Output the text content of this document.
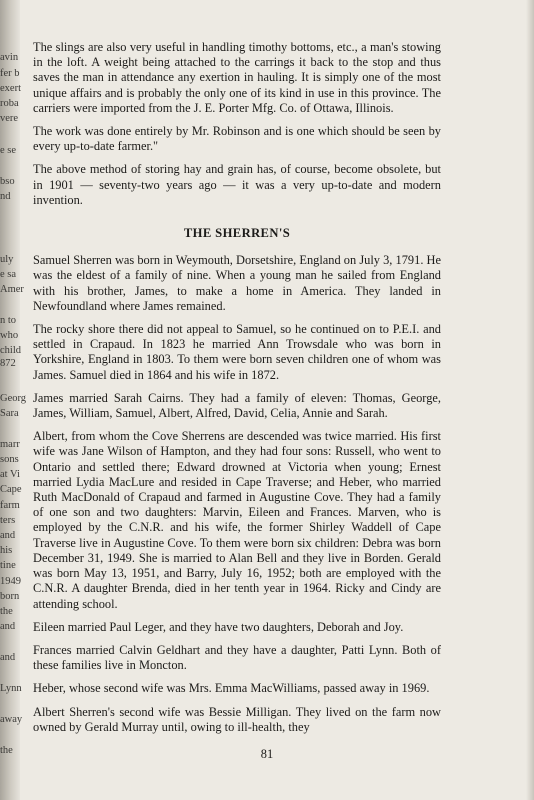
avin
fer b
exert
roba
vere
e se
bso
nd
uly
e sa
Amer
n to
who
child
872
Georg
Sara
marr
sons
at Vi
Cape
farm
ters
and
his
tine
1949
born
the
and
and
Lynn
away
the

The slings are also very useful in handling timothy bottoms, etc., a man's stowing in the loft. A weight being attached to the carrings it back to the stop and thus saves the man in attendance any exertion in hauling. It is simply one of the most unique affairs and is probably the only one of its kind in use in this province. The carriers were imported from the J. E. Porter Mfg. Co. of Ottawa, Illinois.

The work was done entirely by Mr. Robinson and is one which should be seen by every up-to-date farmer."

The above method of storing hay and grain has, of course, become obsolete, but in 1901 — seventy-two years ago — it was a very up-to-date and modern invention.

THE SHERREN'S

Samuel Sherren was born in Weymouth, Dorsetshire, England on July 3, 1791. He was the eldest of a family of nine. When a young man he sailed from England with his brother, James, to make a home in America. They landed in Newfoundland where James remained.

The rocky shore there did not appeal to Samuel, so he continued on to P.E.I. and settled in Crapaud. In 1823 he married Ann Trowsdale who was born in Yorkshire, England in 1803. To them were born seven children one of whom was James. Samuel died in 1864 and his wife in 1872.

James married Sarah Cairns. They had a family of eleven: Thomas, George, James, William, Samuel, Albert, Alfred, David, Celia, Annie and Sarah.

Albert, from whom the Cove Sherrens are descended was twice married. His first wife was Jane Wilson of Hampton, and they had four sons: Russell, who went to Ontario and settled there; Edward drowned at Victoria when young; Ernest married Lydia MacLure and resided in Cape Traverse; and Heber, who married Ruth MacDonald of Crapaud and farmed in Augustine Cove. They had a family of one son and two daughters: Marvin, Eileen and Frances. Marven, who is employed by the C.N.R. and his wife, the former Shirley Waddell of Cape Traverse live in Augustine Cove. To them were born six children: Debra was born December 31, 1949. She is married to Alan Bell and they live in Borden. Gerald was born May 13, 1951, and Barry, July 16, 1952; both are employed with the C.N.R. A daughter Brenda, died in her tenth year in 1964. Ricky and Cindy are attending school.

Eileen married Paul Leger, and they have two daughters, Deborah and Joy.

Frances married Calvin Geldhart and they have a daughter, Patti Lynn. Both of these families live in Moncton.

Heber, whose second wife was Mrs. Emma MacWilliams, passed away in 1969.

Albert Sherren's second wife was Bessie Milligan. They lived on the farm now owned by Gerald Murray until, owing to ill-health, they

81
